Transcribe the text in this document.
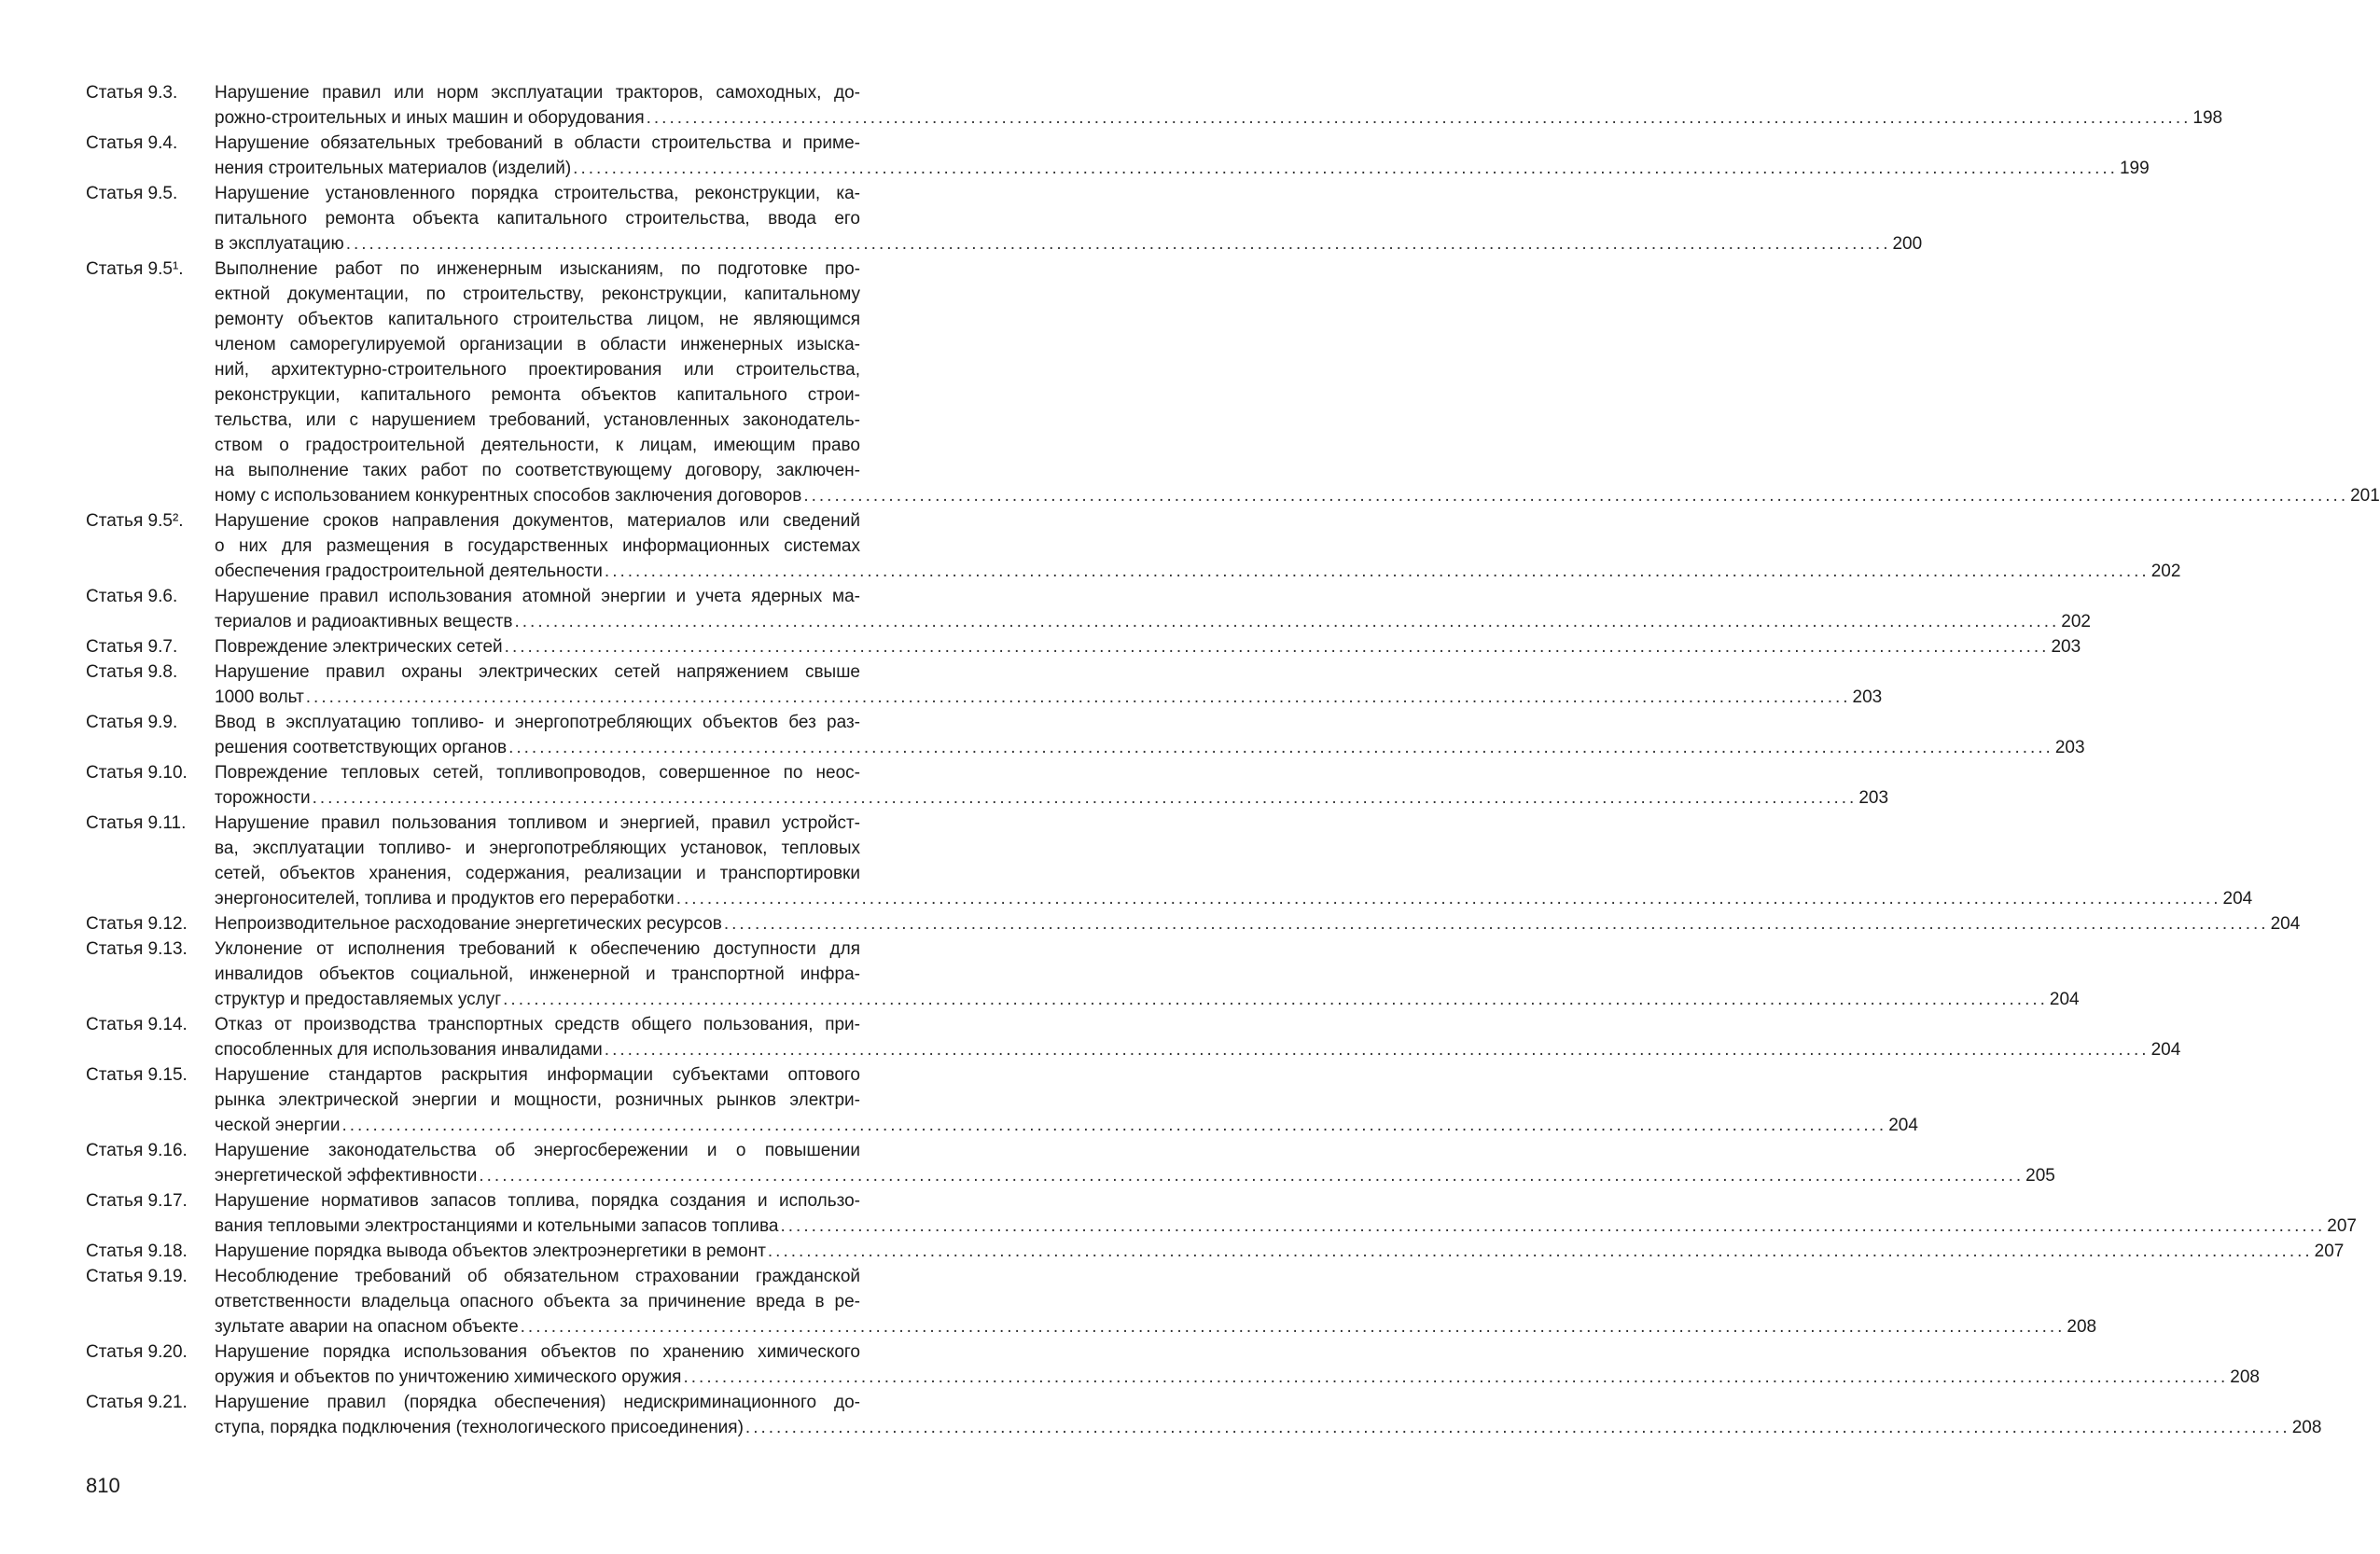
Статья 9.3.	Нарушение правил или норм эксплуатации тракторов, самоходных, до-
рожно-строительных и иных машин и оборудования ........................................................................................................................................................................................................ 198
Статья 9.4.	Нарушение обязательных требований в области строительства и приме-
нения строительных материалов (изделий) ........................................................................................................................................................................................................ 199
Статья 9.5.	Нарушение установленного порядка строительства, реконструкции, ка-
питального ремонта объекта капитального строительства, ввода его
в эксплуатацию ........................................................................................................................................................................................................ 200
Статья 9.5¹.	Выполнение работ по инженерным изысканиям, по подготовке про-
ектной документации, по строительству, реконструкции, капитальному
ремонту объектов капитального строительства лицом, не являющимся
членом саморегулируемой организации в области инженерных изыска-
ний, архитектурно-строительного проектирования или строительства,
реконструкции, капитального ремонта объектов капитального строи-
тельства, или с нарушением требований, установленных законодатель-
ством о градостроительной деятельности, к лицам, имеющим право
на выполнение таких работ по соответствующему договору, заключен-
ному с использованием конкурентных способов заключения договоров ........................................................................................................................................................................................................ 201
Статья 9.5².	Нарушение сроков направления документов, материалов или сведений
о них для размещения в государственных информационных системах
обеспечения градостроительной деятельности ........................................................................................................................................................................................................ 202
Статья 9.6.	Нарушение правил использования атомной энергии и учета ядерных ма-
териалов и радиоактивных веществ ........................................................................................................................................................................................................ 202
Статья 9.7.	Повреждение электрических сетей ........................................................................................................................................................................................................ 203
Статья 9.8.	Нарушение правил охраны электрических сетей напряжением свыше
1000 вольт ........................................................................................................................................................................................................ 203
Статья 9.9.	Ввод в эксплуатацию топливо- и энергопотребляющих объектов без раз-
решения соответствующих органов ........................................................................................................................................................................................................ 203
Статья 9.10.	Повреждение тепловых сетей, топливопроводов, совершенное по неос-
торожности ........................................................................................................................................................................................................ 203
Статья 9.11.	Нарушение правил пользования топливом и энергией, правил устройст-
ва, эксплуатации топливо- и энергопотребляющих установок, тепловых
сетей, объектов хранения, содержания, реализации и транспортировки
энергоносителей, топлива и продуктов его переработки ........................................................................................................................................................................................................ 204
Статья 9.12.	Непроизводительное расходование энергетических ресурсов ........................................................................................................................................................................................................ 204
Статья 9.13.	Уклонение от исполнения требований к обеспечению доступности для
инвалидов объектов социальной, инженерной и транспортной инфра-
структур и предоставляемых услуг ........................................................................................................................................................................................................ 204
Статья 9.14.	Отказ от производства транспортных средств общего пользования, при-
способленных для использования инвалидами ........................................................................................................................................................................................................ 204
Статья 9.15.	Нарушение стандартов раскрытия информации субъектами оптового
рынка электрической энергии и мощности, розничных рынков электри-
ческой энергии ........................................................................................................................................................................................................ 204
Статья 9.16.	Нарушение законодательства об энергосбережении и о повышении
энергетической эффективности ........................................................................................................................................................................................................ 205
Статья 9.17.	Нарушение нормативов запасов топлива, порядка создания и использо-
вания тепловыми электростанциями и котельными запасов топлива ........................................................................................................................................................................................................ 207
Статья 9.18.	Нарушение порядка вывода объектов электроэнергетики в ремонт ........................................................................................................................................................................................................ 207
Статья 9.19.	Несоблюдение требований об обязательном страховании гражданской
ответственности владельца опасного объекта за причинение вреда в ре-
зультате аварии на опасном объекте ........................................................................................................................................................................................................ 208
Статья 9.20.	Нарушение порядка использования объектов по хранению химического
оружия и объектов по уничтожению химического оружия ........................................................................................................................................................................................................ 208
Статья 9.21.	Нарушение правил (порядка обеспечения) недискриминационного до-
ступа, порядка подключения (технологического присоединения) ........................................................................................................................................................................................................ 208
810
